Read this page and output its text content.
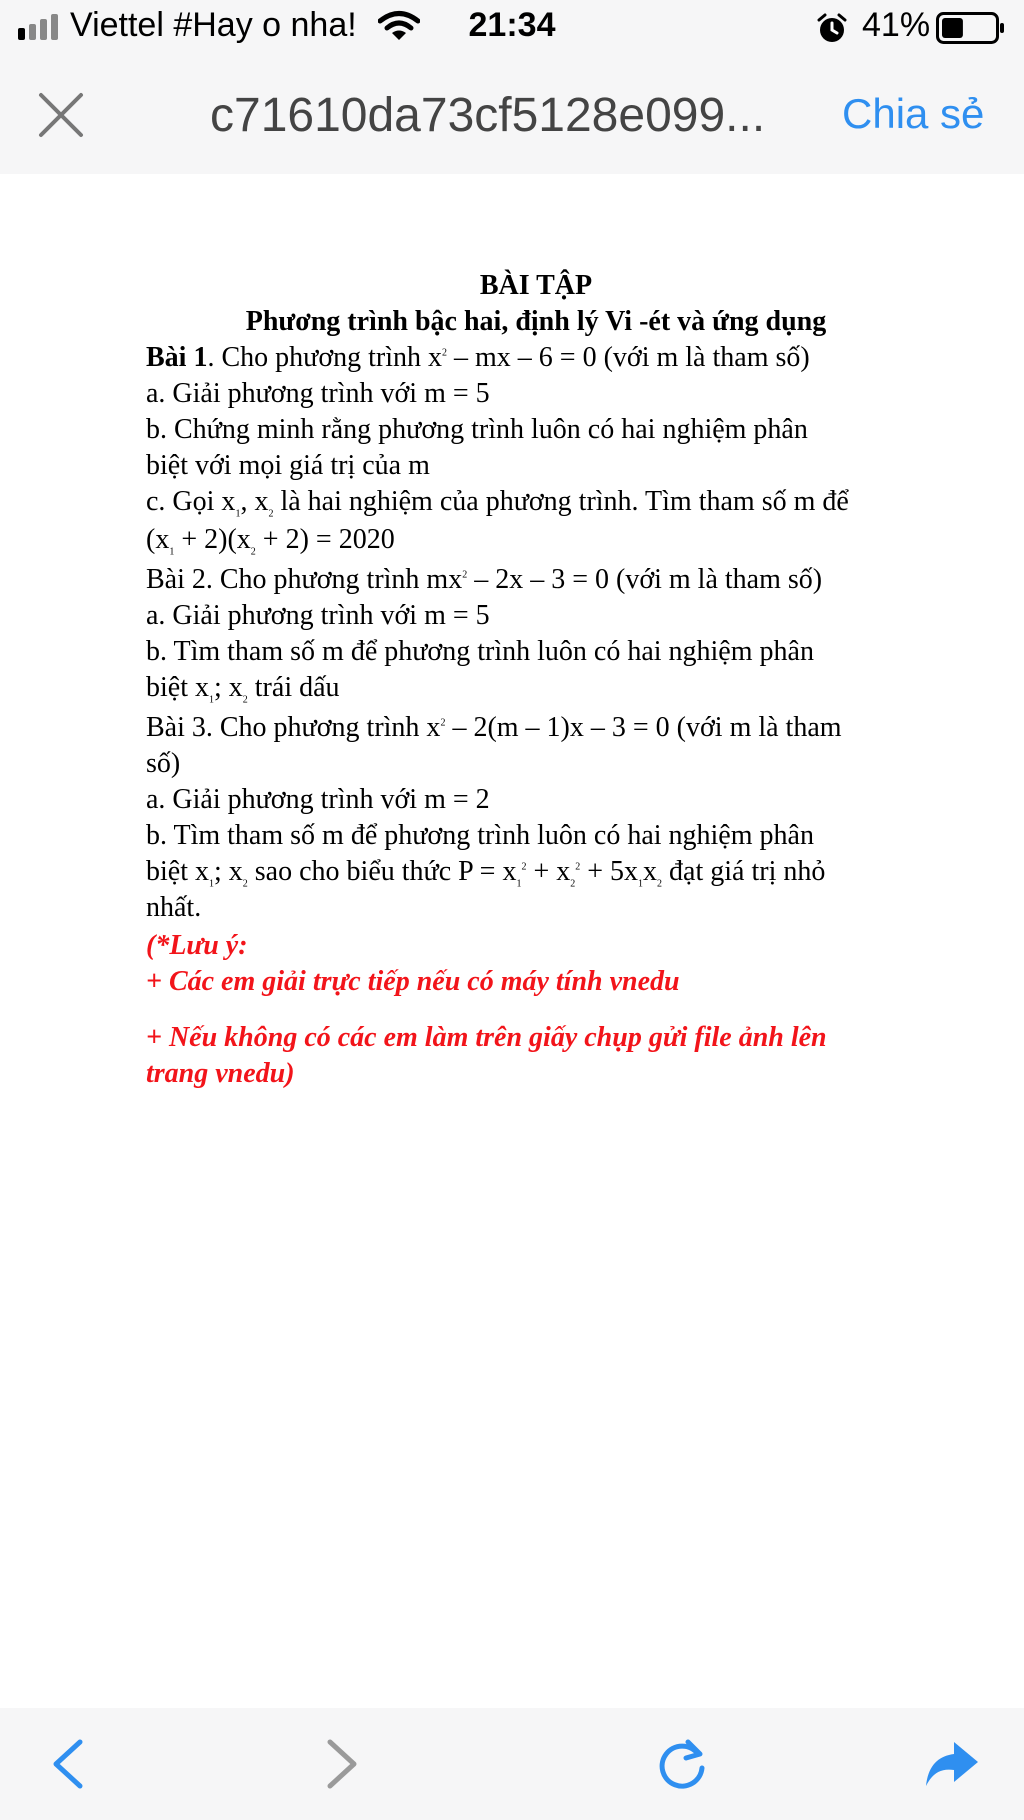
Viettel #Hay o nha!	21:34	41%
c71610da73cf5128e099...	Chia sẻ
BÀI TẬP
Phương trình bậc hai, định lý Vi -ét và ứng dụng
Bài 1. Cho phương trình $x^2$ – mx – 6 = 0 (với m là tham số)
a. Giải phương trình với m = 5
b. Chứng minh rằng phương trình luôn có hai nghiệm phân
biệt với mọi giá trị của m
c. Gọi $x_1$, $x_2$ là hai nghiệm của phương trình. Tìm tham số m để
$(x_1 + 2)(x_2 + 2) = 2020$
Bài 2. Cho phương trình $mx^2 - 2x - 3 = 0$ (với m là tham số)
a. Giải phương trình với m = 5
b. Tìm tham số m để phương trình luôn có hai nghiệm phân
biệt $x_1$; $x_2$ trái dấu
Bài 3. Cho phương trình $x^2 - 2(m - 1)x - 3 = 0$ (với m là tham
số)
a. Giải phương trình với m = 2
b. Tìm tham số m để phương trình luôn có hai nghiệm phân
biệt $x_1$; $x_2$ sao cho biểu thức $P = x_1^2 + x_2^2 + 5x_1x_2$ đạt giá trị nhỏ
nhất.
(*Lưu ý:
+ Các em giải trực tiếp nếu có máy tính vnedu
+ Nếu không có các em làm trên giấy chụp gửi file ảnh lên
trang vnedu)
